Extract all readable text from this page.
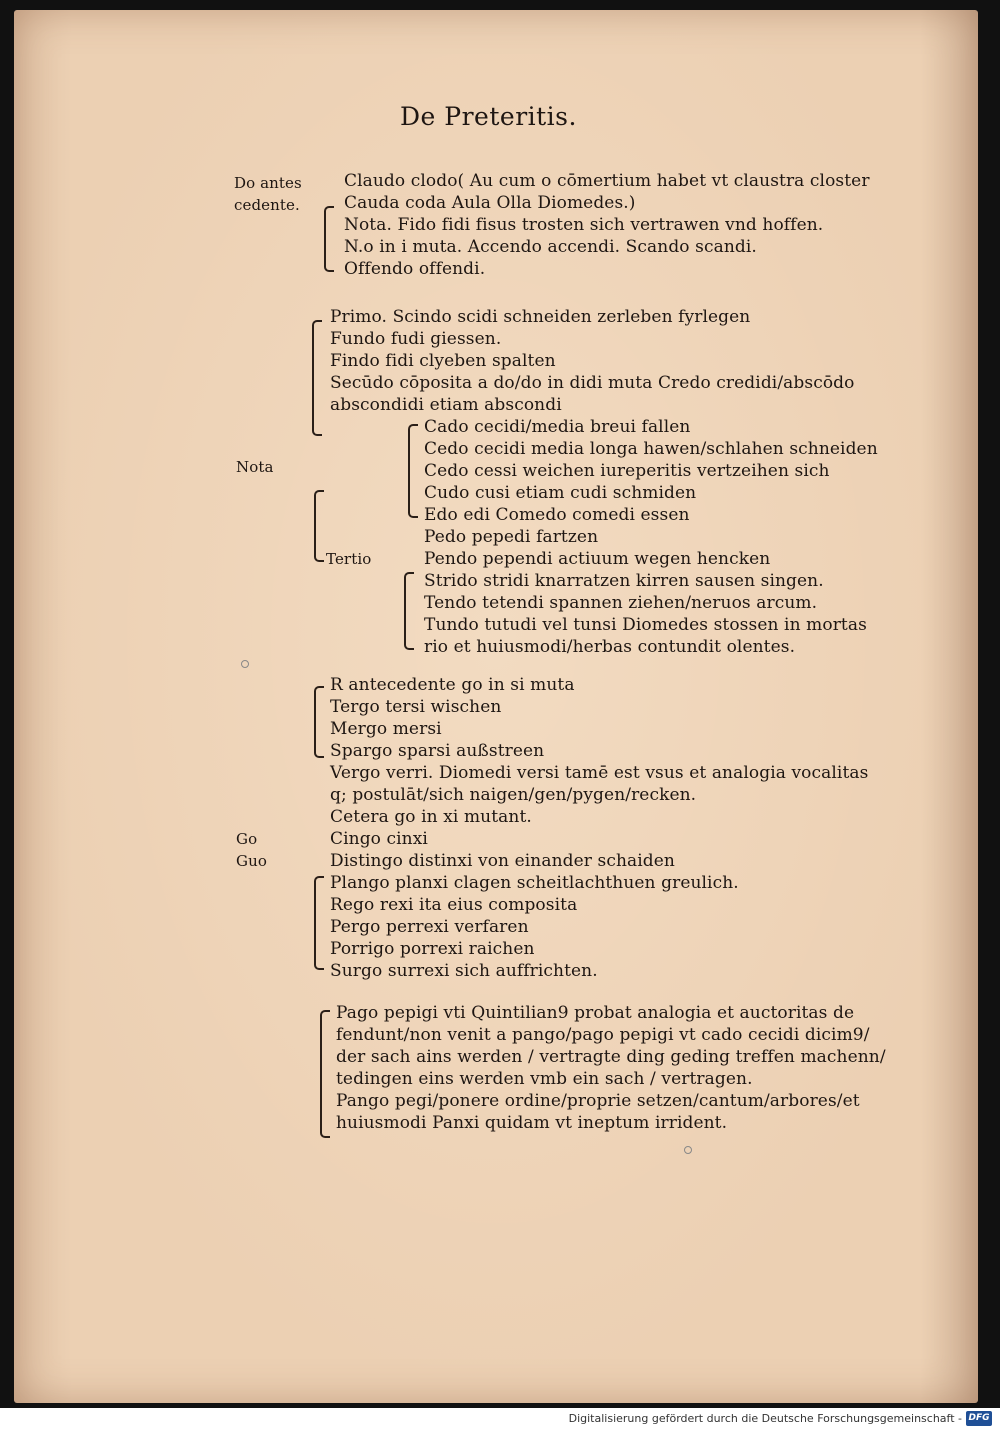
De Preteritis.
Do antes
cedente.
Claudo clodo( Au cum o cōmertium habet vt claustra closter
Cauda coda Aula Olla Diomedes.)
Nota. Fido fidi fisus trosten sich vertrawen vnd hoffen.
N.o in i muta. Accendo accendi. Scando scandi.
Offendo offendi.
Primo. Scindo scidi schneiden zerleben fyrlegen
Fundo fudi giessen.
Findo fidi clyeben spalten
Secūdo cōposita a do/do in didi muta Credo credidi/abscōdo
abscondidi etiam abscondi
Nota
Cado cecidi/media breui fallen
Cedo cecidi media longa hawen/schlahen schneiden
Cedo cessi weichen iureperitis vertzeihen sich
Cudo cusi etiam cudi schmiden
Edo edi Comedo comedi essen
Pedo pepedi fartzen
Tertio	Pendo pependi actiuum wegen hencken
Strido stridi knarratzen kirren sausen singen.
Tendo tetendi spannen ziehen/neruos arcum.
Tundo tutudi vel tunsi Diomedes stossen in mortas
rio et huiusmodi/herbas contundit olentes.
R antecedente go in si muta
Tergo tersi wischen
Mergo mersi
Spargo sparsi außstreen
Vergo verri. Diomedi versi tamē est vsus et analogia vocalitas
q; postulāt/sich naigen/gen/pygen/recken.
Cetera go in xi mutant.
Go	Cingo cinxi
Guo	Distingo distinxi von einander schaiden
Plango planxi clagen scheitlachthuen greulich.
Rego rexi ita eius composita
Pergo perrexi verfaren
Porrigo porrexi raichen
Surgo surrexi sich auffrichten.
Pago pepigi vti Quintilian9 probat analogia et auctoritas de
fendunt/non venit a pango/pago pepigi vt cado cecidi dicim9/
der sach ains werden / vertragte ding geding treffen machenn/
tedingen eins werden vmb ein sach / vertragen.
Pango pegi/ponere ordine/proprie setzen/cantum/arbores/et
huiusmodi Panxi quidam vt ineptum irrident.
Digitalisierung gefördert durch die Deutsche Forschungsgemeinschaft - DFG
